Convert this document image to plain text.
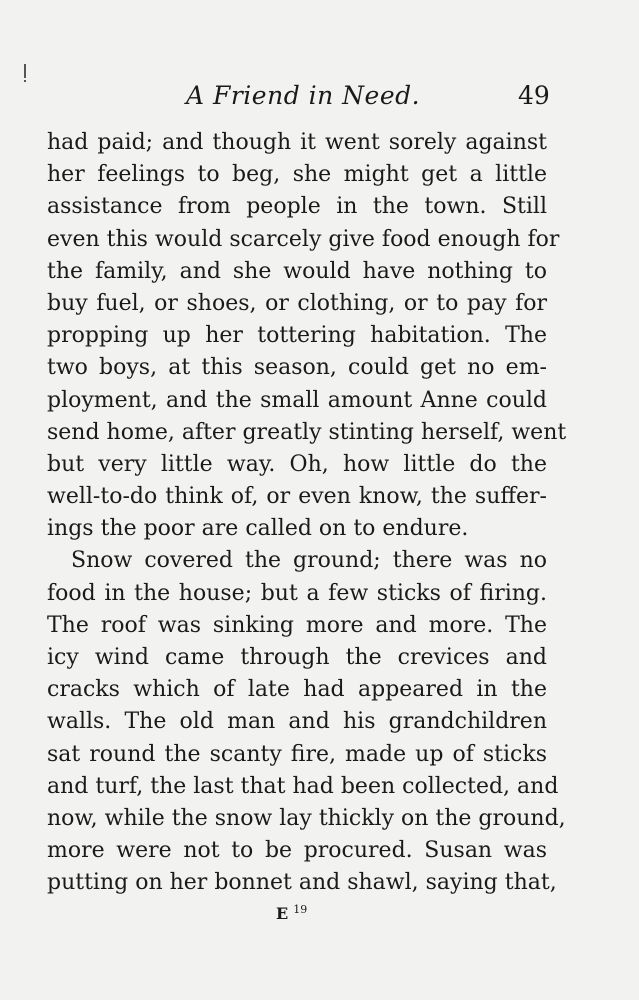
A Friend in Need.	49
had paid; and though it went sorely against
her feelings to beg, she might get a little
assistance from people in the town. Still
even this would scarcely give food enough for
the family, and she would have nothing to
buy fuel, or shoes, or clothing, or to pay for
propping up her tottering habitation. The
two boys, at this season, could get no em-
ployment, and the small amount Anne could
send home, after greatly stinting herself, went
but very little way. Oh, how little do the
well-to-do think of, or even know, the suffer-
ings the poor are called on to endure.
Snow covered the ground; there was no
food in the house; but a few sticks of firing.
The roof was sinking more and more. The
icy wind came through the crevices and
cracks which of late had appeared in the
walls. The old man and his grandchildren
sat round the scanty fire, made up of sticks
and turf, the last that had been collected, and
now, while the snow lay thickly on the ground,
more were not to be procured. Susan was
putting on her bonnet and shawl, saying that,
E $^{19}$
